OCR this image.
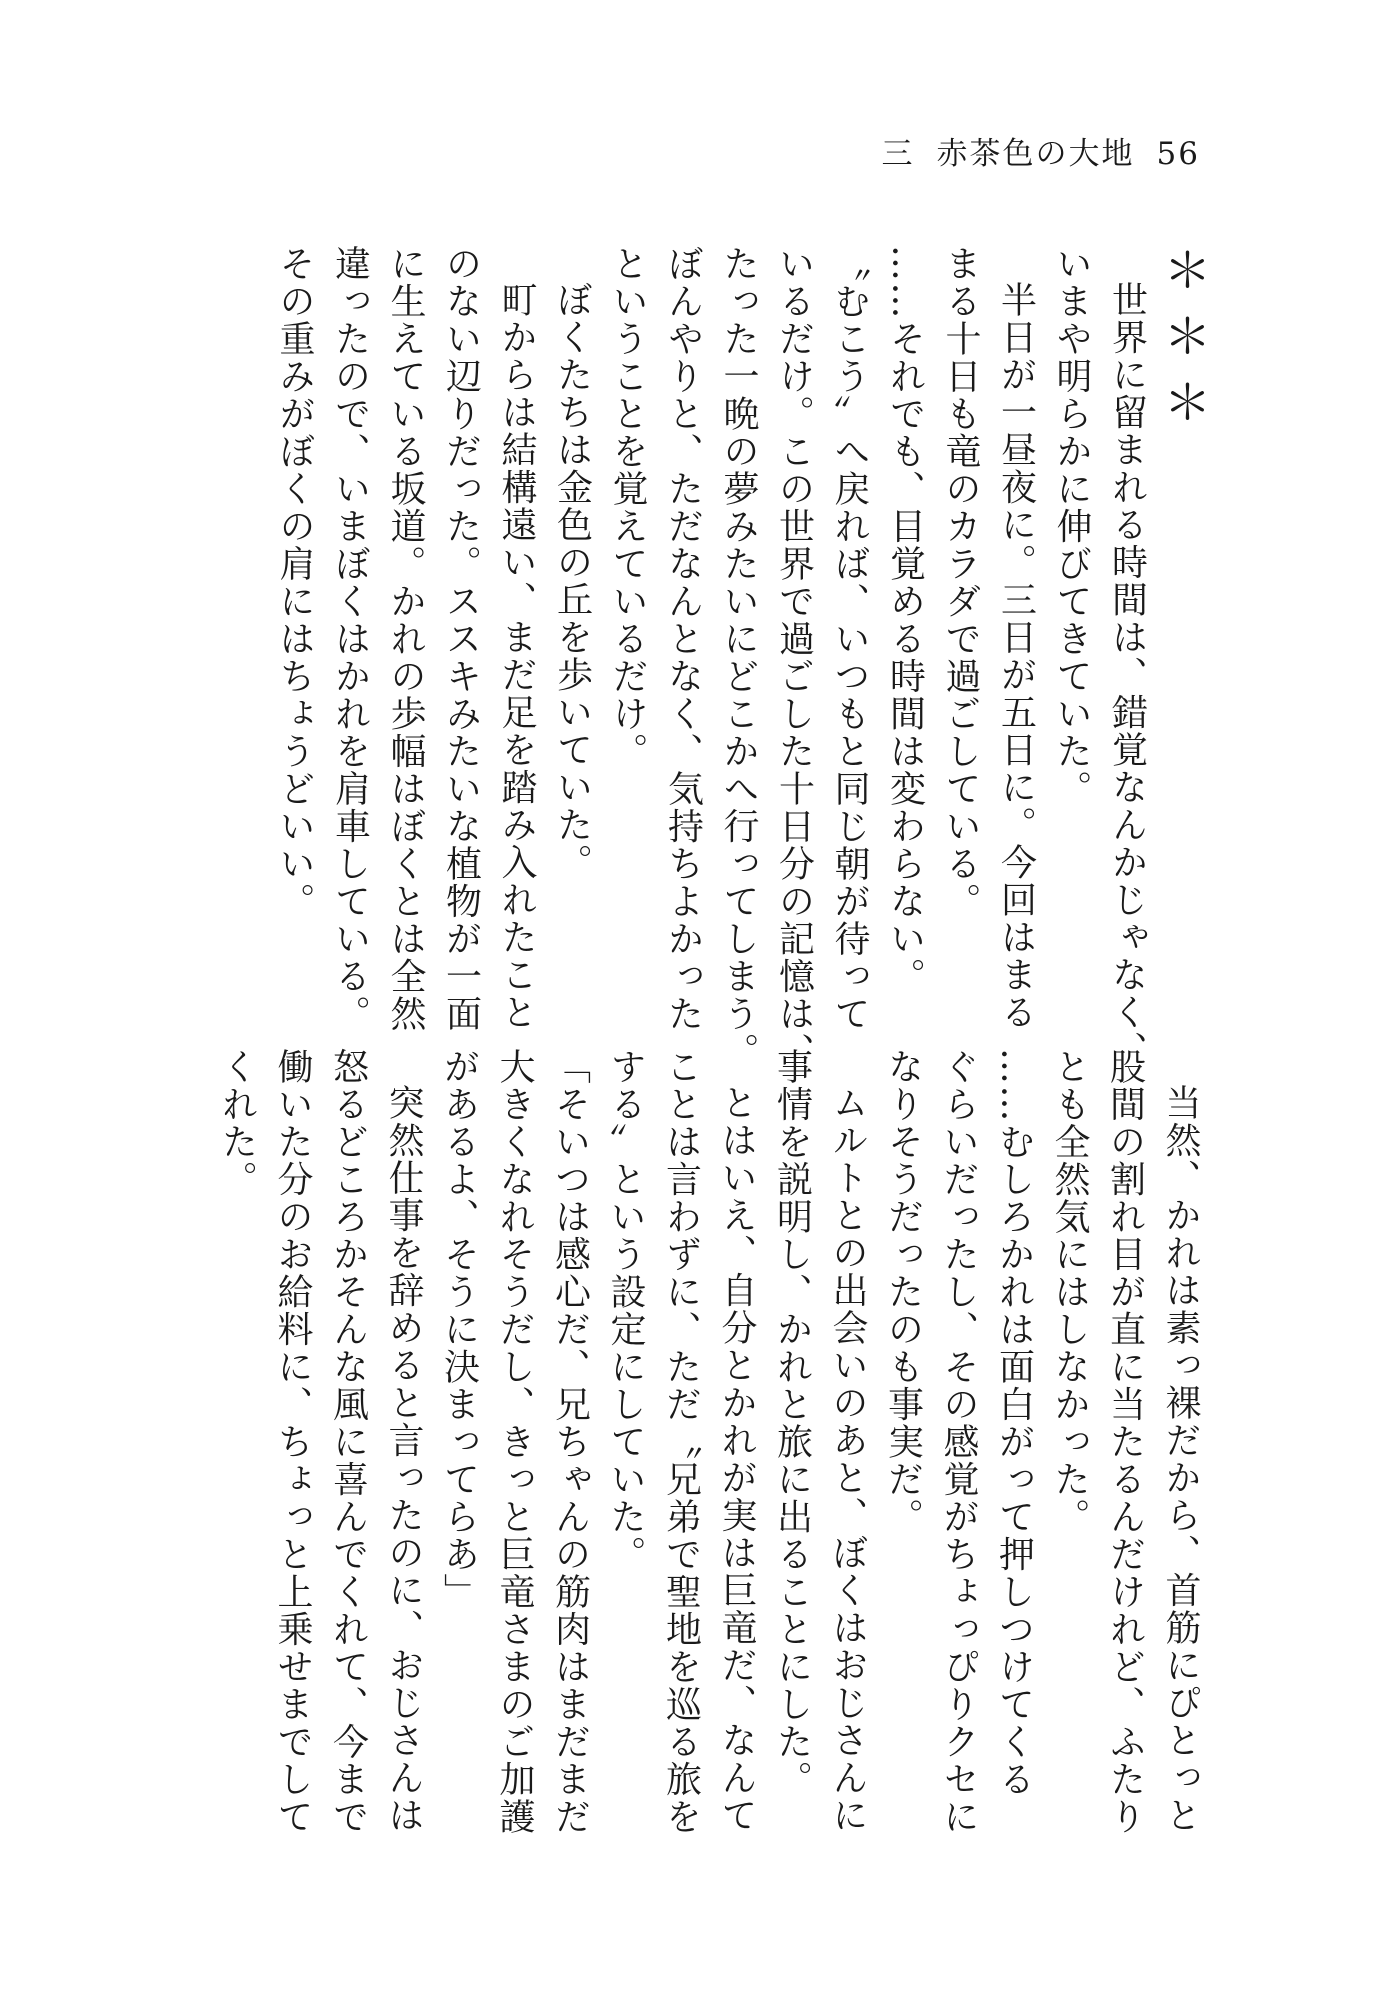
三 赤茶色の大地 56

＊＊＊

世界に留まれる時間は、錯覚なんかじゃなく、
いまや明らかに伸びてきていた。

半日が一昼夜に。三日が五日に。今回はまる
まる十日も竜のカラダで過ごしている。

……それでも、目覚める時間は変わらない。

〝むこう〟へ戻れば、いつもと同じ朝が待って
いるだけ。この世界で過ごした十日分の記憶は、
たった一晩の夢みたいにどこかへ行ってしまう。
ぼんやりと、ただなんとなく、気持ちよかった
ということを覚えているだけ。

ぼくたちは金色の丘を歩いていた。

町からは結構遠い、まだ足を踏み入れたこと
のない辺りだった。ススキみたいな植物が一面
に生えている坂道。かれの歩幅はぼくとは全然
違ったので、いまぼくはかれを肩車している。
その重みがぼくの肩にはちょうどいい。

当然、かれは素っ裸だから、首筋にぴとっと
股間の割れ目が直に当たるんだけれど、ふたり
とも全然気にはしなかった。

……むしろかれは面白がって押しつけてくる
ぐらいだったし、その感覚がちょっぴりクセに
なりそうだったのも事実だ。

ムルトとの出会いのあと、ぼくはおじさんに
事情を説明し、かれと旅に出ることにした。

とはいえ、自分とかれが実は巨竜だ、なんて
ことは言わずに、ただ〝兄弟で聖地を巡る旅を
する〟という設定にしていた。

「そいつは感心だ、兄ちゃんの筋肉はまだまだ
大きくなれそうだし、きっと巨竜さまのご加護
があるよ、そうに決まってらあ」

突然仕事を辞めると言ったのに、おじさんは
怒るどころかそんな風に喜んでくれて、今まで
働いた分のお給料に、ちょっと上乗せまでして
くれた。
